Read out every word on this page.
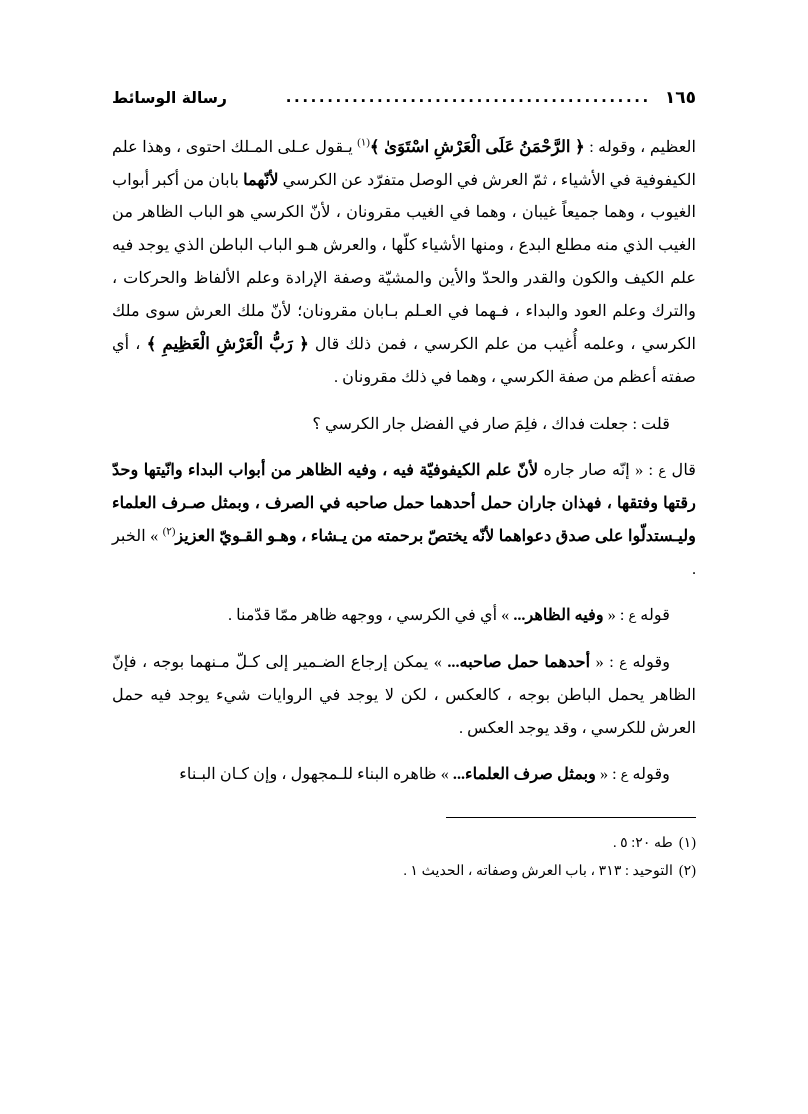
رسالة الوسائط	............................................ ١٦٥

العظيم ، وقوله : ﴿ الرَّحْمَنُ عَلَى الْعَرْشِ اسْتَوَىٰ ﴾$^{(١)}$ يـقول عـلى المـلك احتوى ، وهذا علم الكيفوفية في الأشياء ، ثمّ العرش في الوصل متفرّد عن الكرسي لأنّهما بابان من أكبر أبواب الغيوب ، وهما جميعاً غيبان ، وهما في الغيب مقرونان ، لأنّ الكرسي هو الباب الظاهر من الغيب الذي منه مطلع البدع ، ومنها الأشياء كلّها ، والعرش هـو الباب الباطن الذي يوجد فيه علم الكيف والكون والقدر والحدّ والأين والمشيّة وصفة الإرادة وعلم الألفاظ والحركات ، والترك وعلم العود والبداء ، فـهما في العـلم بـابان مقرونان؛ لأنّ ملك العرش سوى ملك الكرسي ، وعلمه أُغيب من علم الكرسي ، فمن ذلك قال ﴿ رَبُّ الْعَرْشِ الْعَظِيمِ ﴾ ، أي صفته أعظم من صفة الكرسي ، وهما في ذلك مقرونان .

قلت : جعلت فداك ، فلِمَ صار في الفضل جار الكرسي ؟

قال ع : « إنّه صار جاره لأنّ علم الكيفوفيّة فيه ، وفيه الظاهر من أبواب البداء وانّيتها وحدّ رقتها وفتقها ، فهذان جاران حمل أحدهما حمل صاحبه في الصرف ، وبمثل صـرف العلماء وليـستدلّوا على صدق دعواهما لأنّه يختصّ برحمته من يـشاء ، وهـو القـويّ العزيز$^{(٢)}$ » الخبر .

قوله ع : « وفيه الظاهر... » أي في الكرسي ، ووجهه ظاهر ممّا قدّمنا .

وقوله ع : « أحدهما حمل صاحبه... » يمكن إرجاع الضـمير إلى كـلّ مـنهما بوجه ، فإنّ الظاهر يحمل الباطن بوجه ، كالعكس ، لكن لا يوجد في الروايات شيء يوجد فيه حمل العرش للكرسي ، وقد يوجد العكس .

وقوله ع : « وبمثل صرف العلماء... » ظاهره البناء للـمجهول ، وإن كـان البـناء

(١)طه ٢٠: ٥ .

(٢)التوحيد : ٣١٣ ، باب العرش وصفاته ، الحديث ١ .
